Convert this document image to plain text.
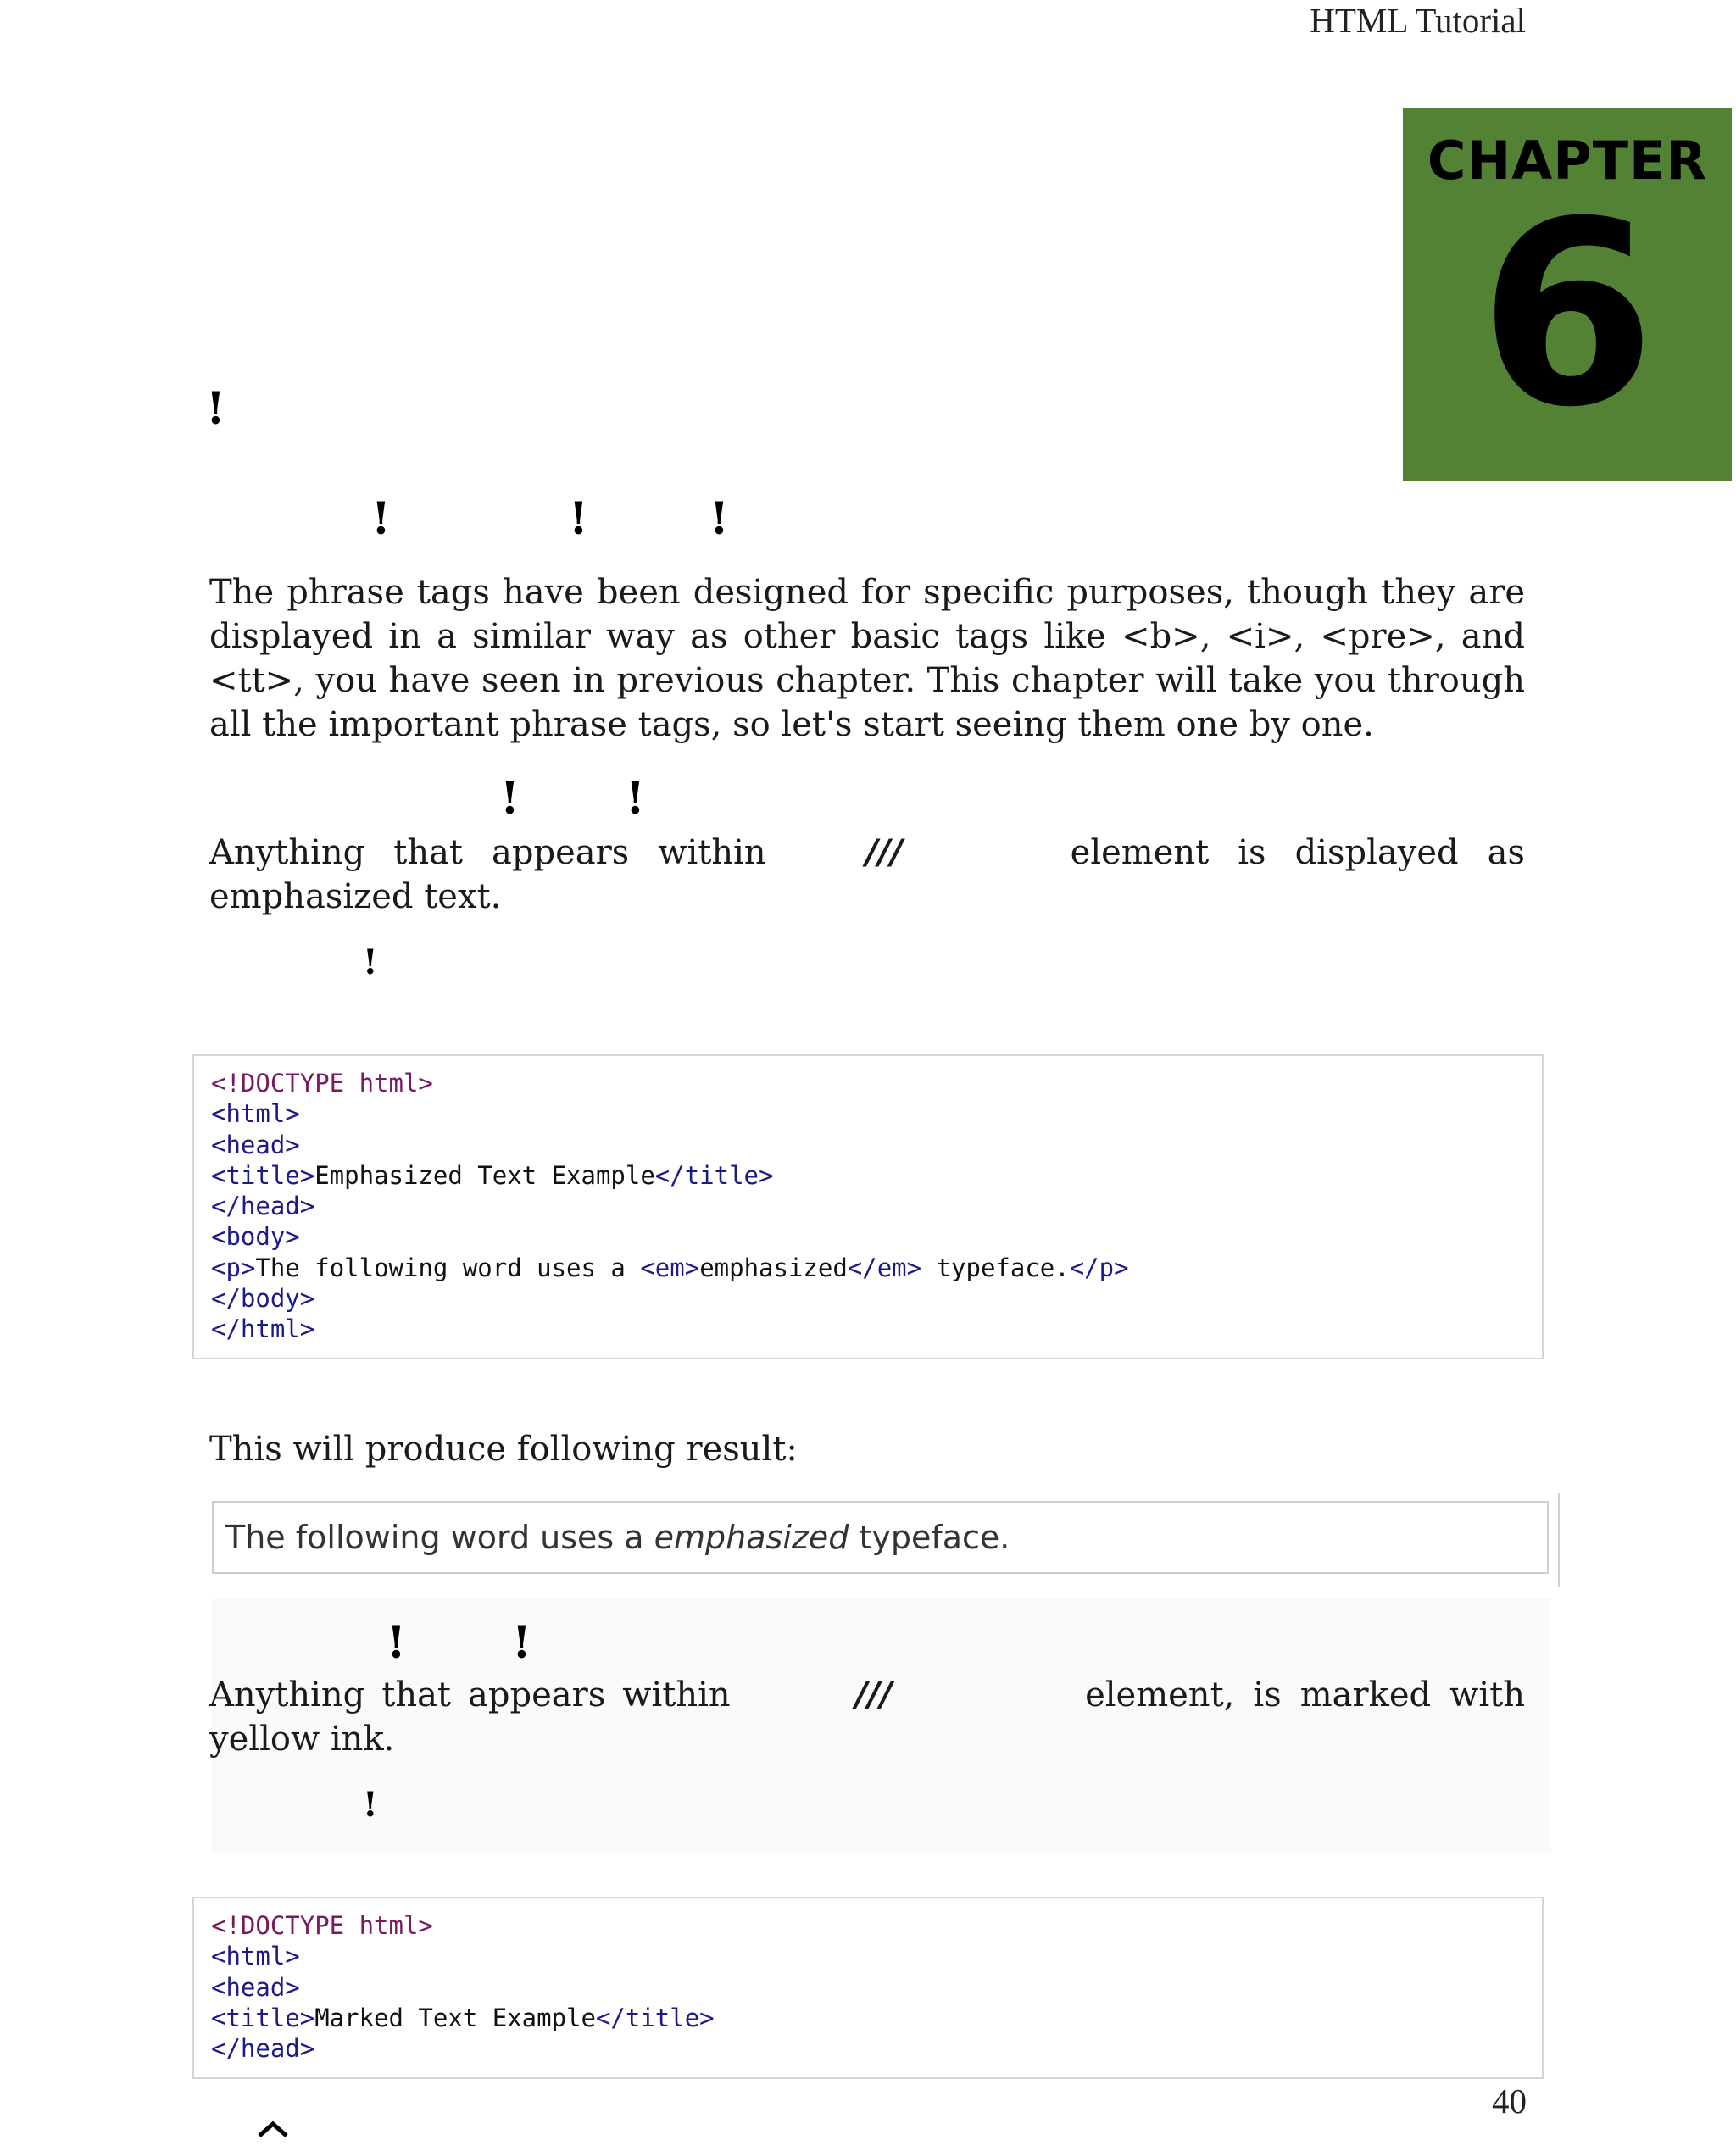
HTML Tutorial
CHAPTER
6
!
!	!	!
The phrase tags have been designed for specific purposes, though they are displayed in a similar way as other basic tags like <b>, <i>, <pre>, and <tt>, you have seen in previous chapter. This chapter will take you through all the important phrase tags, so let's start seeing them one by one.
! !
Anything that appears within	///	element is displayed as
emphasized text.
!
<!DOCTYPE html>
<html>
<head>
<title>Emphasized Text Example</title>
</head>
<body>
<p>The following word uses a <em>emphasized</em> typeface.</p>
</body>
</html>
This will produce following result:
The following word uses a emphasized typeface.
! !
Anything that appears within	///	element, is marked with
yellow ink.
!
<!DOCTYPE html>
<html>
<head>
<title>Marked Text Example</title>
</head>
40
